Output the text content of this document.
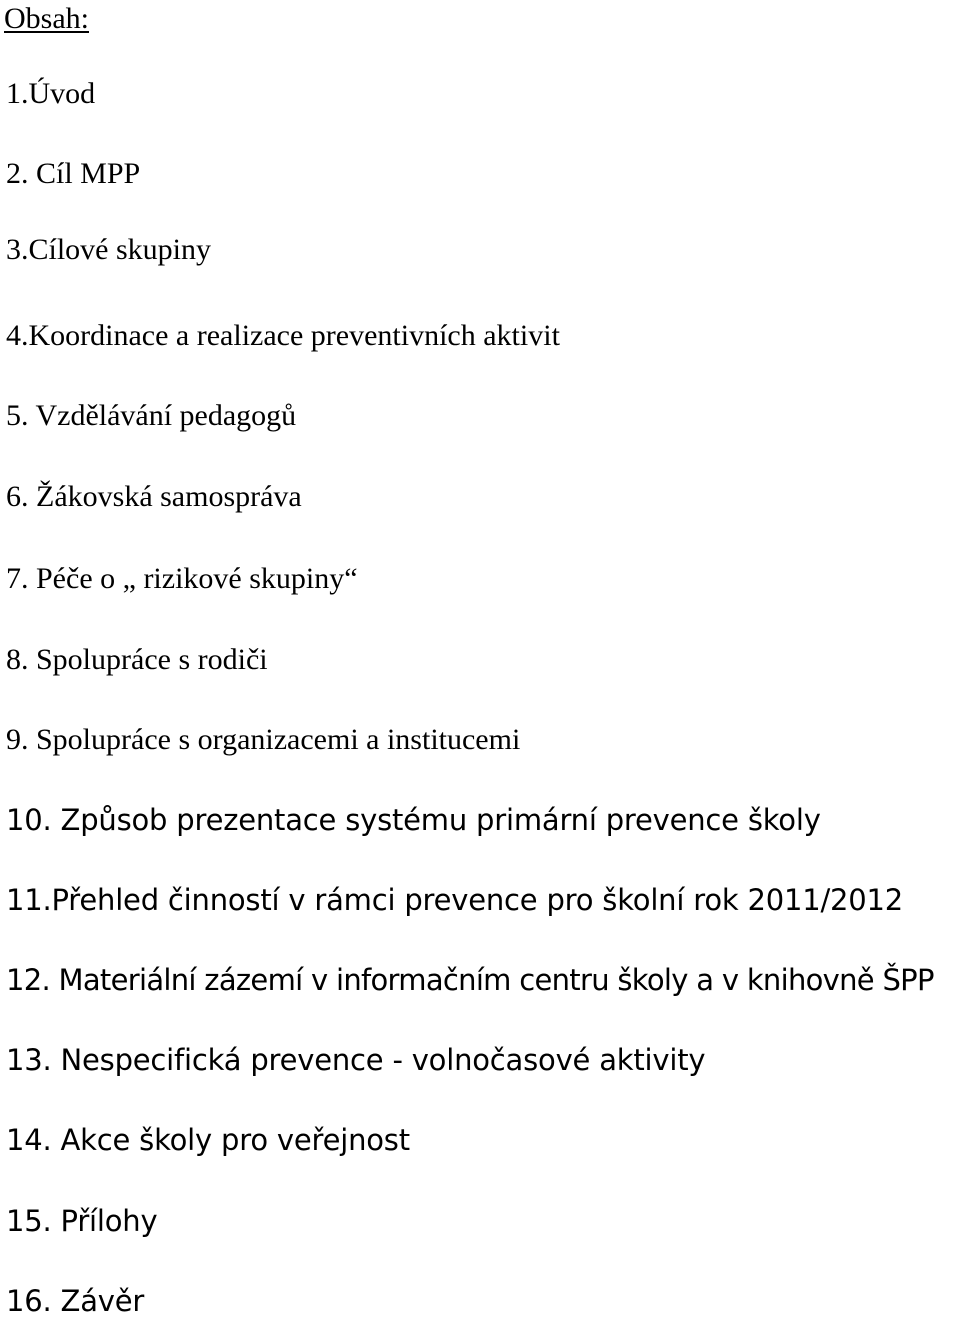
Obsah:
1.Úvod
2. Cíl MPP
3.Cílové skupiny
4.Koordinace a realizace preventivních aktivit
5. Vzdělávání pedagogů
6. Žákovská samospráva
7. Péče o „ rizikové skupiny“
8. Spolupráce s rodiči
9. Spolupráce s organizacemi a institucemi
10. Způsob prezentace systému primární prevence školy
11.Přehled činností v rámci prevence pro školní rok 2011/2012
12. Materiální zázemí v informačním centru školy a v knihovně ŠPP
13. Nespecifická prevence - volnočasové aktivity
14. Akce školy pro veřejnost
15. Přílohy
16. Závěr
